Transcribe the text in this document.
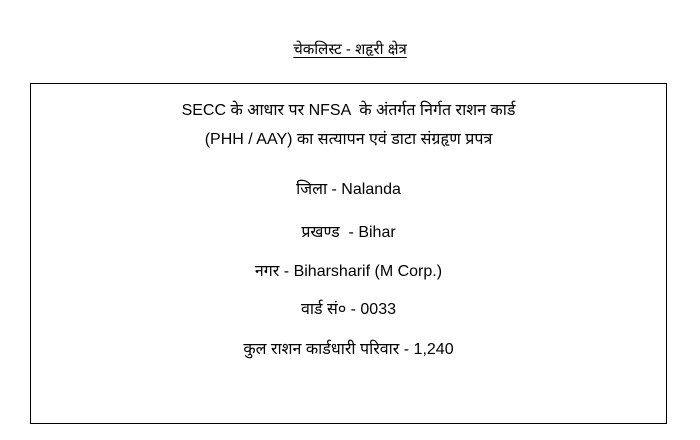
चेकलिस्ट - शहृरी क्षेत्र
SECC के आधार पर NFSA  के अंतर्गत निर्गत राशन कार्ड
(PHH / AAY) का सत्यापन एवं डाटा संग्रहृण प्रपत्र
जिला - Nalanda
प्रखण्ड  - Bihar
नगर - Biharsharif (M Corp.)
वार्ड सं० - 0033
कुल राशन कार्डधारी परिवार - 1,240
